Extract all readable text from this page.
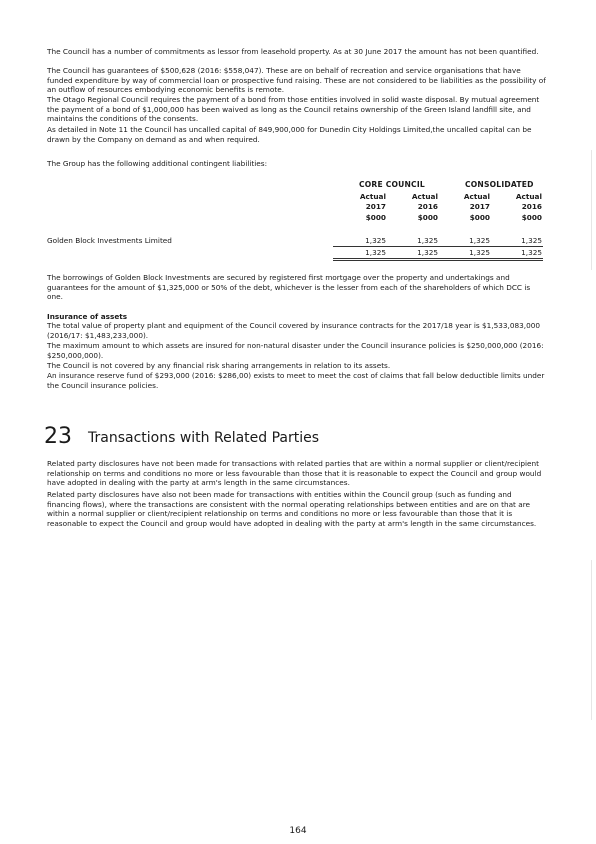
The Council has a number of commitments as lessor from leasehold property. As at 30 June 2017 the amount has not been quantified.

The Council has guarantees of $500,628 (2016: $558,047). These are on behalf of recreation and service organisations that have funded expenditure by way of commercial loan or prospective fund raising. These are not considered to be liabilities as the possibility of an outflow of resources embodying economic benefits is remote.

The Otago Regional Council requires the payment of a bond from those entities involved in solid waste disposal. By mutual agreement the payment of a bond of $1,000,000 has been waived as long as the Council retains ownership of the Green Island landfill site, and maintains the conditions of the consents.

As detailed in Note 11 the Council has uncalled capital of 849,900,000 for Dunedin City Holdings Limited,the uncalled capital can be drawn by the Company on demand as and when required.

The Group has the following additional contingent liabilities:

CORE COUNCIL	CONSOLIDATED
Actual	Actual	Actual	Actual
2017	2016	2017	2016
$000	$000	$000	$000
Golden Block Investments Limited	1,325	1,325	1,325	1,325
1,325	1,325	1,325	1,325

The borrowings of Golden Block Investments are secured by registered first mortgage over the property and undertakings and guarantees for the amount of $1,325,000 or 50% of the debt, whichever is the lesser from each of the shareholders of which DCC is one.

Insurance of assets

The total value of property plant and equipment of the Council covered by insurance contracts for the 2017/18 year is $1,533,083,000 (2016/17: $1,483,233,000).

The maximum amount to which assets are insured for non-natural disaster under the Council insurance policies is $250,000,000 (2016: $250,000,000).

The Council is not covered by any financial risk sharing arrangements in relation to its assets.

An insurance reserve fund of $293,000 (2016: $286,00) exists to meet to meet the cost of claims that fall below deductible limits under the Council insurance policies.

23 Transactions with Related Parties

Related party disclosures have not been made for transactions with related parties that are within a normal supplier or client/recipient relationship on terms and conditions no more or less favourable than those that it is reasonable to expect the Council and group would have adopted in dealing with the party at arm's length in the same circumstances.

Related party disclosures have also not been made for transactions with entities within the Council group (such as funding and financing flows), where the transactions are consistent with the normal operating relationships between entities and are on that are within a normal supplier or client/recipient relationship on terms and conditions no more or less favourable than those that it is reasonable to expect the Council and group would have adopted in dealing with the party at arm's length in the same circumstances.

164
